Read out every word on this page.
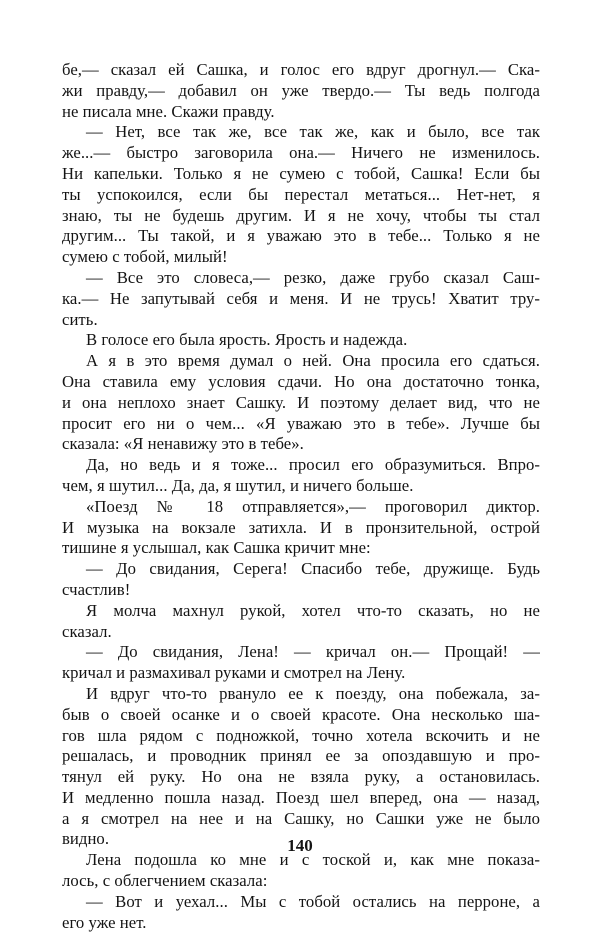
бе,— сказал ей Сашка, и голос его вдруг дрогнул.— Ска-
жи правду,— добавил он уже твердо.— Ты ведь полгода
не писала мне. Скажи правду.
— Нет, все так же, все так же, как и было, все так
же...— быстро заговорила она.— Ничего не изменилось.
Ни капельки. Только я не сумею с тобой, Сашка! Если бы
ты успокоился, если бы перестал метаться... Нет-нет, я
знаю, ты не будешь другим. И я не хочу, чтобы ты стал
другим... Ты такой, и я уважаю это в тебе... Только я не
сумею с тобой, милый!
— Все это словеса,— резко, даже грубо сказал Саш-
ка.— Не запутывай себя и меня. И не трусь! Хватит тру-
сить.
В голосе его была ярость. Ярость и надежда.
А я в это время думал о ней. Она просила его сдаться.
Она ставила ему условия сдачи. Но она достаточно тонка,
и она неплохо знает Сашку. И поэтому делает вид, что не
просит его ни о чем... «Я уважаю это в тебе». Лучше бы
сказала: «Я ненавижу это в тебе».
Да, но ведь и я тоже... просил его образумиться. Впро-
чем, я шутил... Да, да, я шутил, и ничего больше.
«Поезд № 18 отправляется»,— проговорил диктор.
И музыка на вокзале затихла. И в пронзительной, острой
тишине я услышал, как Сашка кричит мне:
— До свидания, Серега! Спасибо тебе, дружище. Будь
счастлив!
Я молча махнул рукой, хотел что-то сказать, но не
сказал.
— До свидания, Лена! — кричал он.— Прощай! —
кричал и размахивал руками и смотрел на Лену.
И вдруг что-то рвануло ее к поезду, она побежала, за-
быв о своей осанке и о своей красоте. Она несколько ша-
гов шла рядом с подножкой, точно хотела вскочить и не
решалась, и проводник принял ее за опоздавшую и про-
тянул ей руку. Но она не взяла руку, а остановилась.
И медленно пошла назад. Поезд шел вперед, она — назад,
а я смотрел на нее и на Сашку, но Сашки уже не было
видно.
Лена подошла ко мне и с тоской и, как мне показа-
лось, с облегчением сказала:
— Вот и уехал... Мы с тобой остались на перроне, а
его уже нет.
140
